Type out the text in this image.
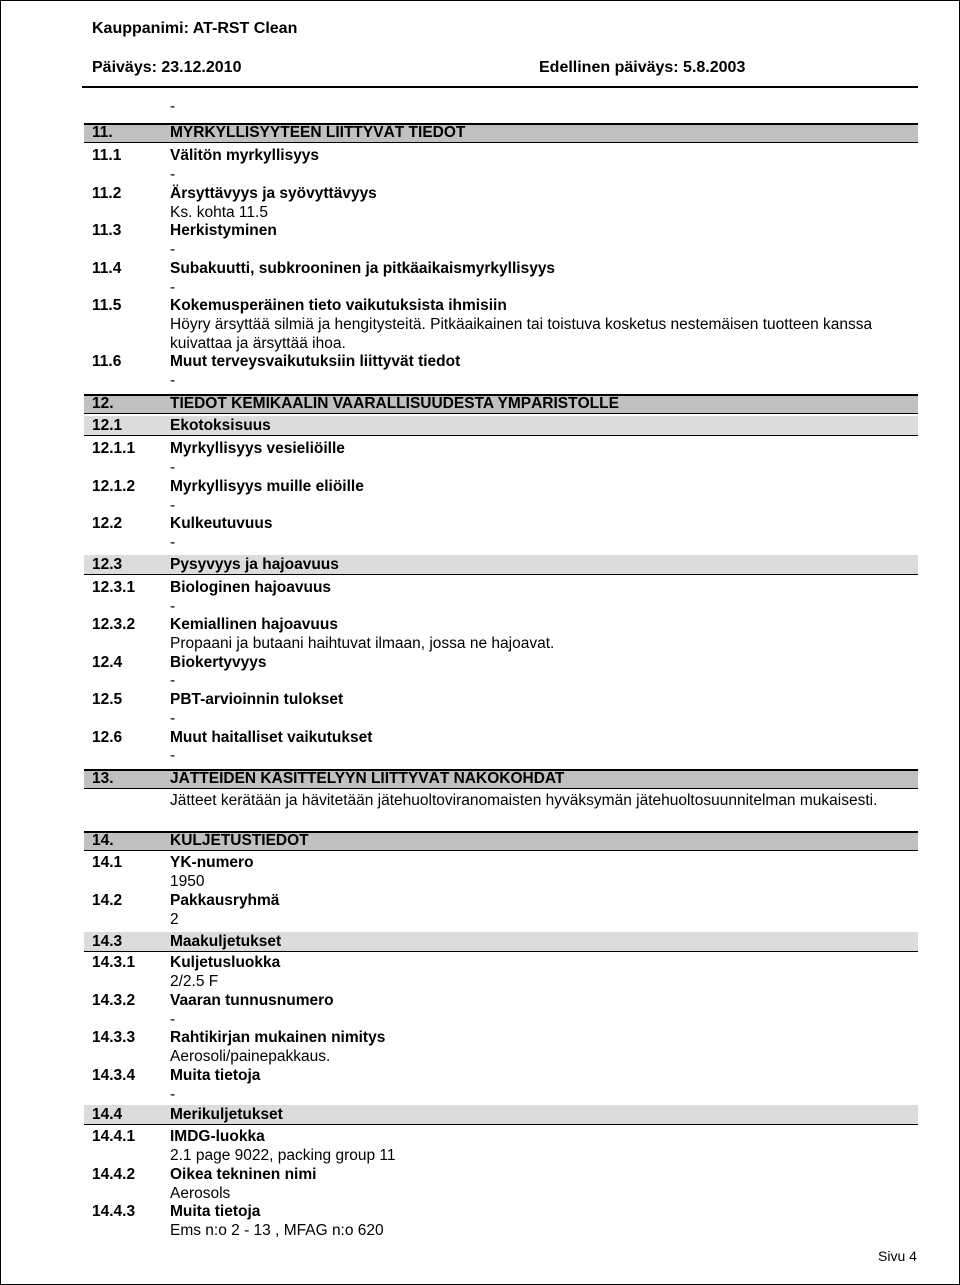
Kauppanimi: AT-RST Clean
Päiväys: 23.12.2010	Edellinen päiväys: 5.8.2003
-
11.	MYRKYLLISYYTEEN LIITTYVÄT TIEDOT
11.1	Välitön myrkyllisyys
-
11.2	Ärsyttävyys ja syövyttävyys
Ks. kohta 11.5
11.3	Herkistyminen
-
11.4	Subakuutti, subkrooninen ja pitkäaikaismyrkyllisyys
-
11.5	Kokemusperäinen tieto vaikutuksista ihmisiin
Höyry ärsyttää silmiä ja hengitysteitä. Pitkäaikainen tai toistuva kosketus nestemäisen tuotteen kanssa
kuivattaa ja ärsyttää ihoa.
11.6	Muut terveysvaikutuksiin liittyvät tiedot
-
12.	TIEDOT KEMIKAALIN VAARALLISUUDESTA YMPÄRISTÖLLE
12.1	Ekotoksisuus
12.1.1 Myrkyllisyys vesieliöille
-
12.1.2 Myrkyllisyys muille eliöille
-
12.2	Kulkeutuvuus
-
12.3	Pysyvyys ja hajoavuus
12.3.1 Biologinen hajoavuus
-
12.3.2 Kemiallinen hajoavuus
Propaani ja butaani haihtuvat ilmaan, jossa ne hajoavat.
12.4	Biokertyvyys
-
12.5	PBT-arvioinnin tulokset
-
12.6	Muut haitalliset vaikutukset
-
13.	JÄTTEIDEN KÄSITTELYYN LIITTYVÄT NÄKÖKOHDAT
Jätteet kerätään ja hävitetään jätehuoltoviranomaisten hyväksymän jätehuoltosuunnitelman mukaisesti.
14.	KULJETUSTIEDOT
14.1	YK-numero
1950
14.2	Pakkausryhmä
2
14.3	Maakuljetukset
14.3.1 Kuljetusluokka
2/2.5 F
14.3.2 Vaaran tunnusnumero
-
14.3.3 Rahtikirjan mukainen nimitys
Aerosoli/painepakkaus.
14.3.4 Muita tietoja
-
14.4	Merikuljetukset
14.4.1 IMDG-luokka
2.1 page 9022, packing group 11
14.4.2 Oikea tekninen nimi
Aerosols
14.4.3 Muita tietoja
Ems n:o 2 - 13 , MFAG n:o 620
Sivu 4
